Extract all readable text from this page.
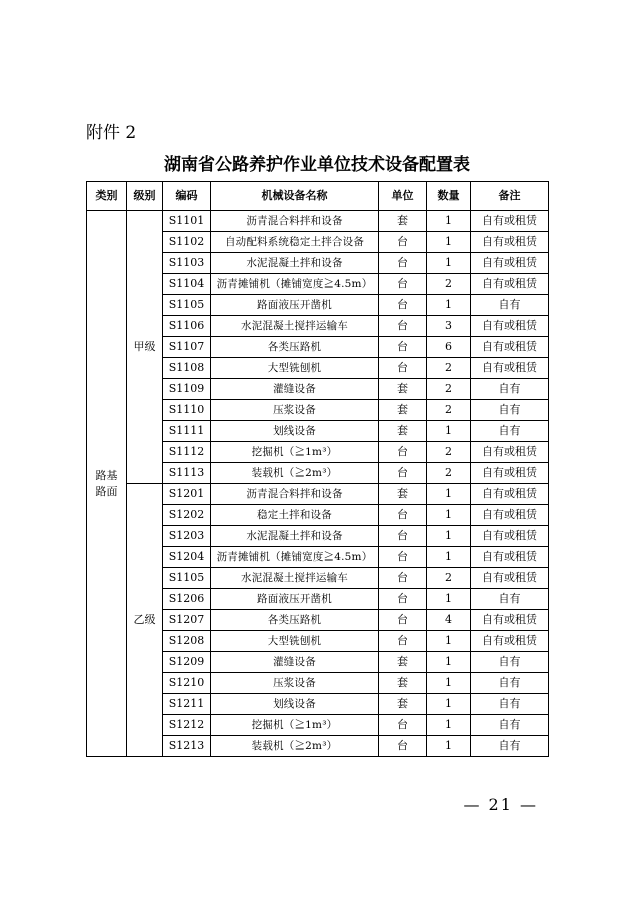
附件 2
湖南省公路养护作业单位技术设备配置表
类别	级别	编码	机械设备名称	单位	数量	备注
路基
路面	甲级	S1101	沥青混合料拌和设备	套	1	自有或租赁
		S1102	自动配料系统稳定土拌合设备	台	1	自有或租赁
		S1103	水泥混凝土拌和设备	台	1	自有或租赁
		S1104	沥青摊铺机（摊铺宽度≧4.5m）	台	2	自有或租赁
		S1105	路面液压开凿机	台	1	自有
		S1106	水泥混凝土搅拌运输车	台	3	自有或租赁
		S1107	各类压路机	台	6	自有或租赁
		S1108	大型铣刨机	台	2	自有或租赁
		S1109	灌缝设备	套	2	自有
		S1110	压浆设备	套	2	自有
		S1111	划线设备	套	1	自有
		S1112	挖掘机（≧1m³）	台	2	自有或租赁
		S1113	装载机（≧2m³）	台	2	自有或租赁
	乙级	S1201	沥青混合料拌和设备	套	1	自有或租赁
		S1202	稳定土拌和设备	台	1	自有或租赁
		S1203	水泥混凝土拌和设备	台	1	自有或租赁
		S1204	沥青摊铺机（摊铺宽度≧4.5m）	台	1	自有或租赁
		S1105	水泥混凝土搅拌运输车	台	2	自有或租赁
		S1206	路面液压开凿机	台	1	自有
		S1207	各类压路机	台	4	自有或租赁
		S1208	大型铣刨机	台	1	自有或租赁
		S1209	灌缝设备	套	1	自有
		S1210	压浆设备	套	1	自有
		S1211	划线设备	套	1	自有
		S1212	挖掘机（≧1m³）	台	1	自有
		S1213	装载机（≧2m³）	台	1	自有
— 21 —
